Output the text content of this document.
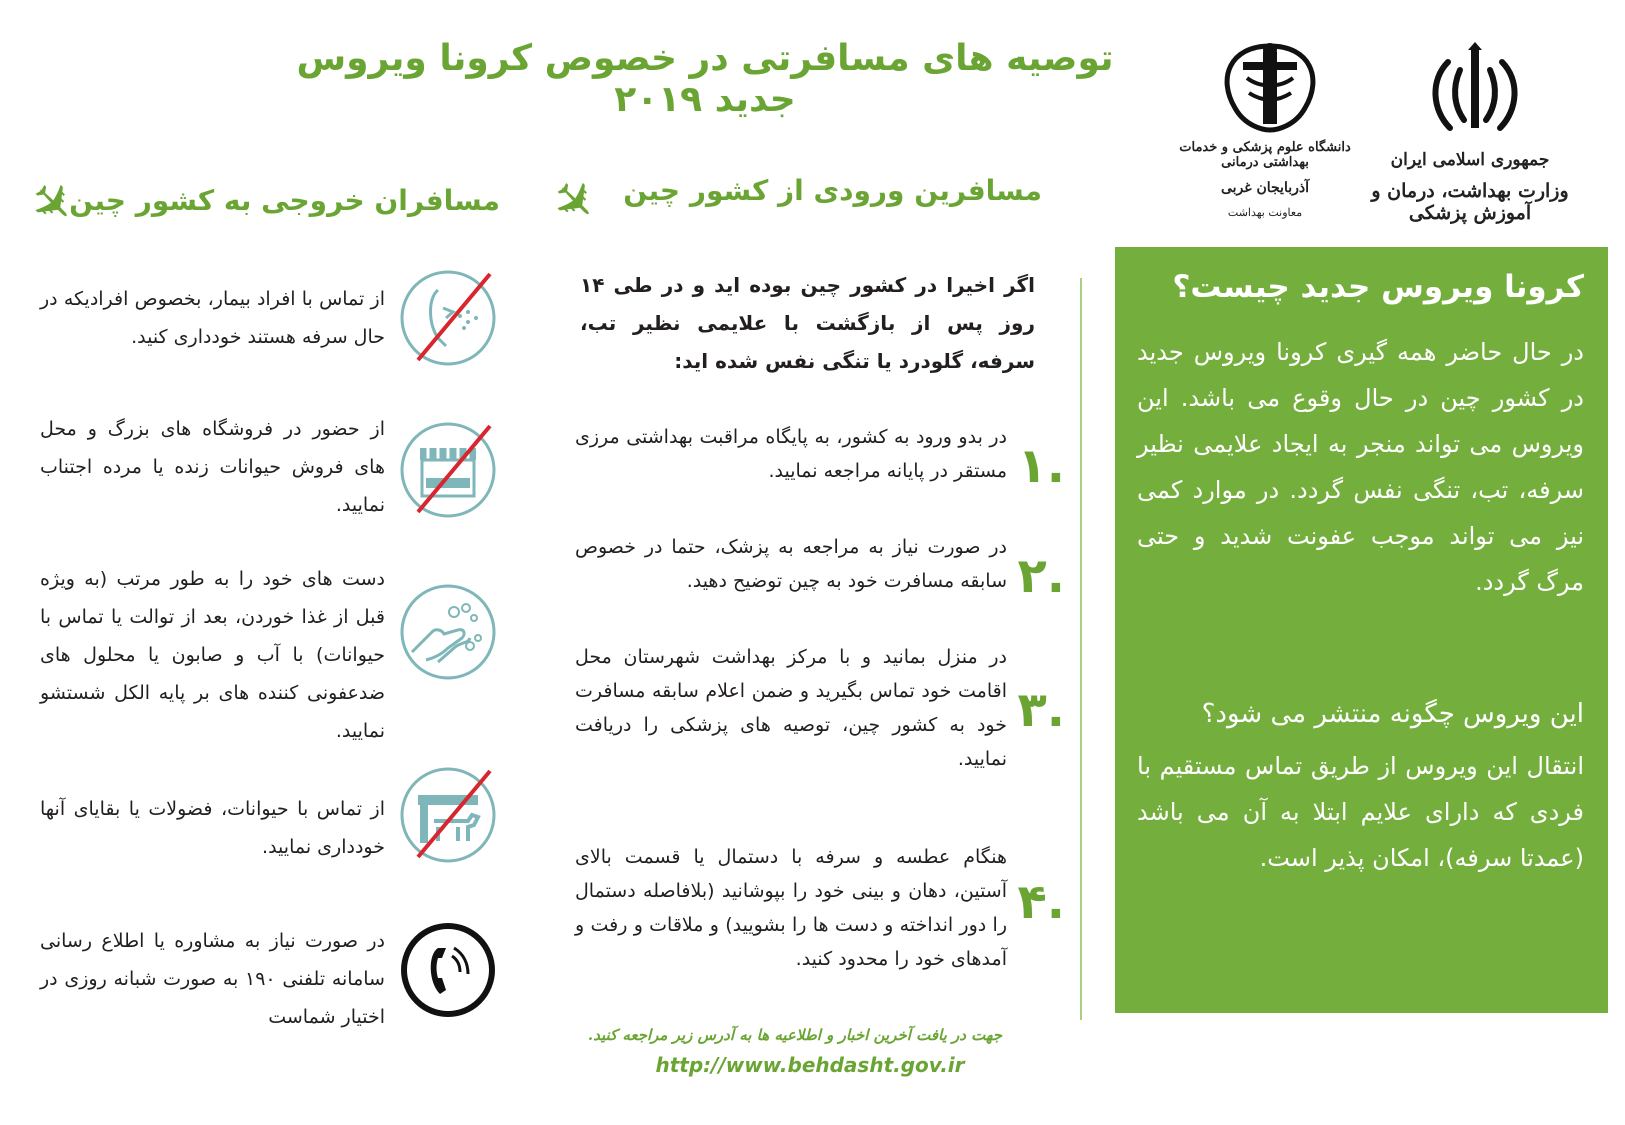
توصیه های مسافرتی در خصوص کرونا ویروس جدید ۲۰۱۹
دانشگاه علوم پزشکی و خدمات بهداشتی درمانی
آذربایجان غربی
معاونت بهداشت
جمهوری اسلامی ایران
وزارت بهداشت، درمان و آموزش پزشکی
✈
مسافران خروجی به کشور چین ✈ مسافرین ورودی از کشور چین
کرونا ویروس جدید چیست؟
در حال حاضر همه گیری کرونا ویروس جدید در کشور چین در حال وقوع می باشد. این ویروس می تواند منجر به ایجاد علایمی نظیر سرفه، تب، تنگی نفس گردد. در موارد کمی نیز می تواند موجب عفونت شدید و حتی مرگ گردد.
این ویروس چگونه منتشر می شود؟
انتقال این ویروس از طریق تماس مستقیم با فردی که دارای علایم ابتلا به آن می باشد (عمدتا سرفه)، امکان پذیر است.
اگر اخیرا در کشور چین بوده اید و در طی ۱۴ روز پس از بازگشت با علایمی نظیر تب، سرفه، گلودرد یا تنگی نفس شده اید:
۱.
در بدو ورود به کشور، به پایگاه مراقبت بهداشتی مرزی مستقر در پایانه مراجعه نمایید.
۲.
در صورت نیاز به مراجعه به پزشک، حتما در خصوص سابقه مسافرت خود به چین توضیح دهید.
۳.
در منزل بمانید و با مرکز بهداشت شهرستان محل اقامت خود تماس بگیرید و ضمن اعلام سابقه مسافرت خود به کشور چین، توصیه های پزشکی را دریافت نمایید.
۴.
هنگام عطسه و سرفه با دستمال یا قسمت بالای آستین، دهان و بینی خود را بپوشانید (بلافاصله دستمال را دور انداخته و دست ها را بشویید) و ملاقات و رفت و آمدهای خود را محدود کنید.
از تماس با افراد بیمار، بخصوص افرادیکه در حال سرفه هستند خودداری کنید.
از حضور در فروشگاه های بزرگ و محل های فروش حیوانات زنده یا مرده اجتناب نمایید.
دست های خود را به طور مرتب (به ویژه قبل از غذا خوردن، بعد از توالت یا تماس با حیوانات) با آب و صابون یا محلول های ضدعفونی کننده های بر پایه الکل شستشو نمایید.
از تماس با حیوانات، فضولات یا بقایای آنها خودداری نمایید.
در صورت نیاز به مشاوره یا اطلاع رسانی سامانه تلفنی ۱۹۰ به صورت شبانه روزی در اختیار شماست
جهت در یافت آخرین اخبار و اطلاعیه ها به آدرس زیر مراجعه کنید.
http://www.behdasht.gov.ir
